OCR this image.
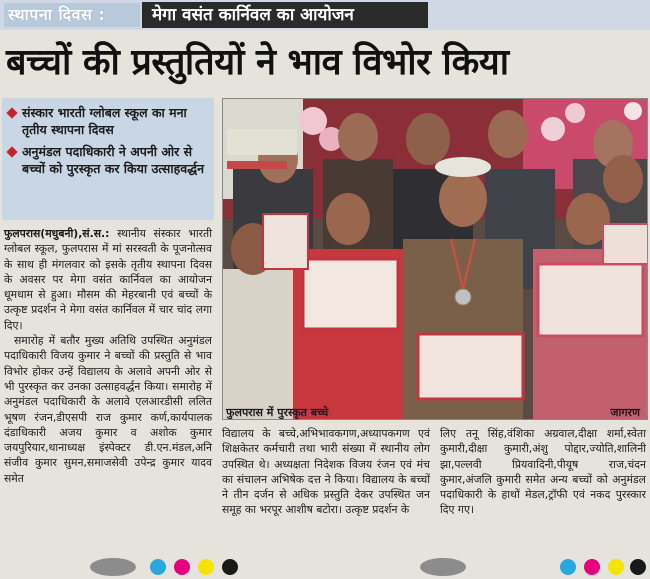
स्थापना दिवस :	मेगा वसंत कार्निवल का आयोजन
बच्चों की प्रस्तुतियों ने भाव विभोर किया
संस्कार भारती ग्लोबल स्कूल का मना तृतीय स्थापना दिवस
अनुमंडल पदाधिकारी ने अपनी ओर से बच्चों को पुरस्कृत कर किया उत्साहवर्द्धन
फुलपरास में पुरस्कृत बच्चे	जागरण

फुलपरास(मधुबनी),सं.स.: स्थानीय संस्कार भारती ग्लोबल स्कूल, फुलपरास में मां सरस्वती के पूजनोत्सव के साथ ही मंगलवार को इसके तृतीय स्थापना दिवस के अवसर पर मेगा वसंत कार्निवल का आयोजन धूमधाम से हुआ। मौसम की मेहरबानी एवं बच्चों के उत्कृष्ट प्रदर्शन ने मेगा वसंत कार्निवल में चार चांद लगा दिए।

समारोह में बतौर मुख्य अतिथि उपस्थित अनुमंडल पदाधिकारी विजय कुमार ने बच्चों की प्रस्तुति से भाव विभोर होकर उन्हें विद्यालय के अलावे अपनी ओर से भी पुरस्कृत कर उनका उत्साहवर्द्धन किया। समारोह में अनुमंडल पदाधिकारी के अलावे एलआरडीसी ललित भूषण रंजन,डीएसपी राज कुमार कर्ण,कार्यपालक दंडाधिकारी अजय कुमार व अशोक कुमार जयपुरियार,थानाध्यक्ष इंस्पेक्टर डी.एन.मंडल,अनि संजीव कुमार सुमन,समाजसेवी उपेन्द्र कुमार यादव समेत

विद्यालय के बच्चे,अभिभावकगण,अध्यापकगण एवं शिक्षकेतर कर्मचारी तथा भारी संख्या में स्थानीय लोग उपस्थित थे। अध्यक्षता निदेशक विजय रंजन एवं मंच का संचालन अभिषेक दत्त ने किया। विद्यालय के बच्चों ने तीन दर्जन से अधिक प्रस्तुति देकर उपस्थित जन समूह का भरपूर आशीष बटोरा। उत्कृष्ट प्रदर्शन के

लिए तनू सिंह,वंशिका अग्रवाल,दीक्षा शर्मा,स्वेता कुमारी,दीक्षा कुमारी,अंशु पोद्दार,ज्योति,शालिनी झा,पल्लवी प्रियवादिनी,पीयूष राज,चंदन कुमार,अंजलि कुमारी समेत अन्य बच्चों को अनुमंडल पदाधिकारी के हाथों मेडल,ट्रॉफी एवं नकद पुरस्कार दिए गए।
